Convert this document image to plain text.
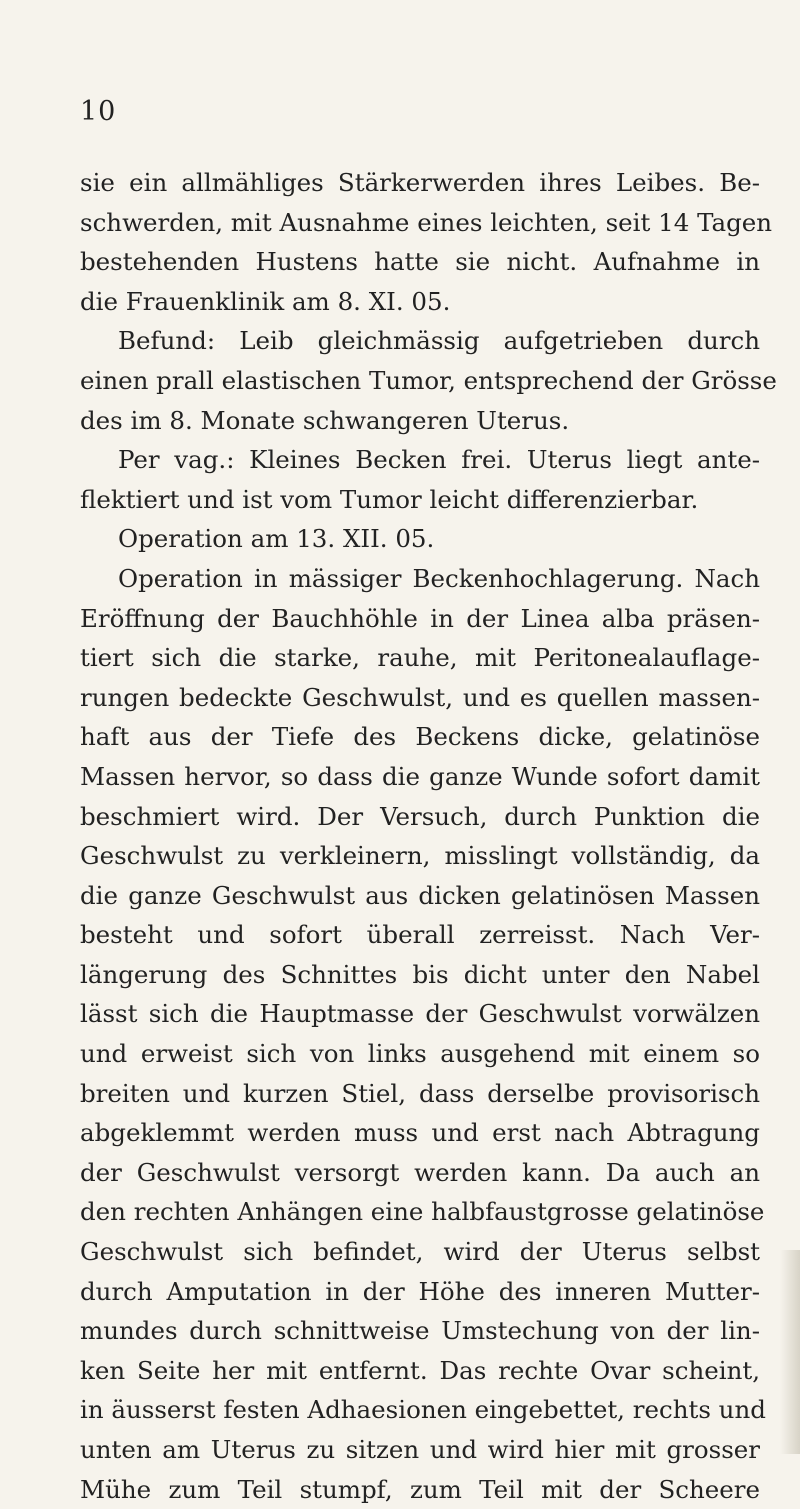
10
sie ein allmähliges Stärkerwerden ihres Leibes. Be-
schwerden, mit Ausnahme eines leichten, seit 14 Tagen
bestehenden Hustens hatte sie nicht. Aufnahme in
die Frauenklinik am 8. XI. 05.
Befund: Leib gleichmässig aufgetrieben durch
einen prall elastischen Tumor, entsprechend der Grösse
des im 8. Monate schwangeren Uterus.
Per vag.: Kleines Becken frei. Uterus liegt ante-
flektiert und ist vom Tumor leicht differenzierbar.
Operation am 13. XII. 05.
Operation in mässiger Beckenhochlagerung. Nach
Eröffnung der Bauchhöhle in der Linea alba präsen-
tiert sich die starke, rauhe, mit Peritonealauflage-
rungen bedeckte Geschwulst, und es quellen massen-
haft aus der Tiefe des Beckens dicke, gelatinöse
Massen hervor, so dass die ganze Wunde sofort damit
beschmiert wird. Der Versuch, durch Punktion die
Geschwulst zu verkleinern, misslingt vollständig, da
die ganze Geschwulst aus dicken gelatinösen Massen
besteht und sofort überall zerreisst. Nach Ver-
längerung des Schnittes bis dicht unter den Nabel
lässt sich die Hauptmasse der Geschwulst vorwälzen
und erweist sich von links ausgehend mit einem so
breiten und kurzen Stiel, dass derselbe provisorisch
abgeklemmt werden muss und erst nach Abtragung
der Geschwulst versorgt werden kann. Da auch an
den rechten Anhängen eine halbfaustgrosse gelatinöse
Geschwulst sich befindet, wird der Uterus selbst
durch Amputation in der Höhe des inneren Mutter-
mundes durch schnittweise Umstechung von der lin-
ken Seite her mit entfernt. Das rechte Ovar scheint,
in äusserst festen Adhaesionen eingebettet, rechts und
unten am Uterus zu sitzen und wird hier mit grosser
Mühe zum Teil stumpf, zum Teil mit der Scheere
